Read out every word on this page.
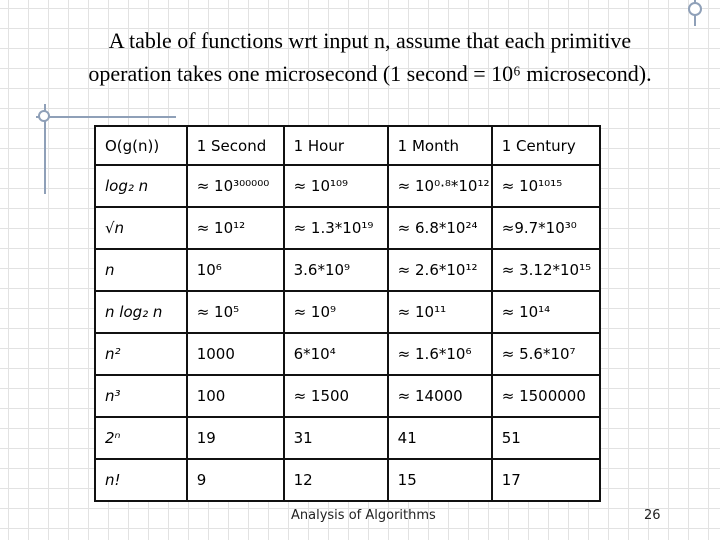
A table of functions wrt input n, assume that each primitive
operation takes one microsecond (1 second = 10⁶ microsecond).
O(g(n))	1 Second	1 Hour	1 Month	1 Century
log₂ n	≈ 10³⁰⁰⁰⁰⁰	≈ 10¹⁰⁹	≈ 10⁰·⁸*10¹²	≈ 10¹⁰¹⁵
√n	≈ 10¹²	≈ 1.3*10¹⁹	≈ 6.8*10²⁴	≈9.7*10³⁰
n	10⁶	3.6*10⁹	≈ 2.6*10¹²	≈ 3.12*10¹⁵
n log₂ n	≈ 10⁵	≈ 10⁹	≈ 10¹¹	≈ 10¹⁴
n²	1000	6*10⁴	≈ 1.6*10⁶	≈ 5.6*10⁷
n³	100	≈ 1500	≈ 14000	≈ 1500000
2ⁿ	19	31	41	51
n!	9	12	15	17
Analysis of Algorithms	26
